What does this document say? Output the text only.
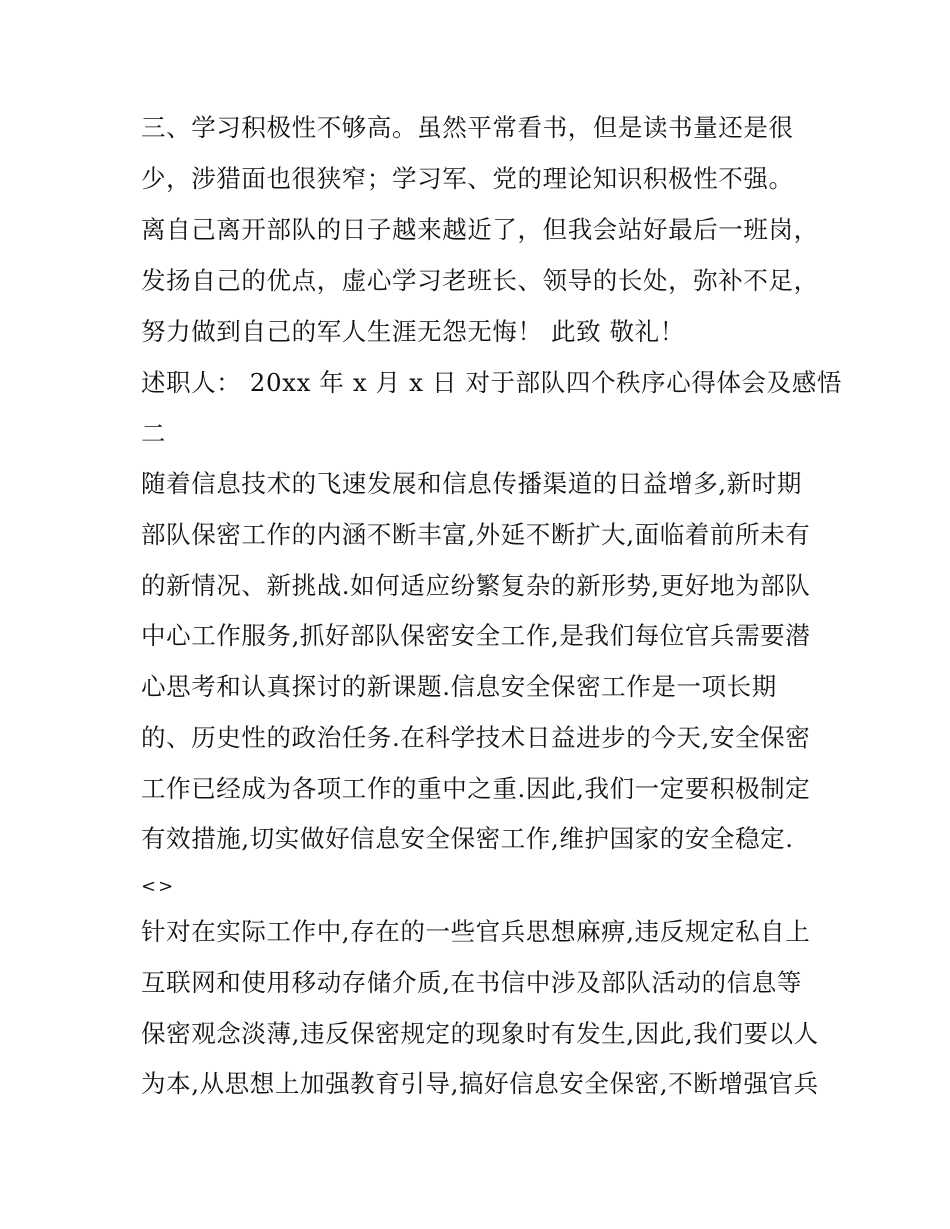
三、学习积极性不够高。虽然平常看书，但是读书量还是很
少，涉猎面也很狭窄；学习军、党的理论知识积极性不强。
离自己离开部队的日子越来越近了，但我会站好最后一班岗，
发扬自己的优点，虚心学习老班长、领导的长处，弥补不足，
努力做到自己的军人生涯无怨无悔！ 此致 敬礼！
述职人： 20xx 年 x 月 x 日 对于部队四个秩序心得体会及感悟
二
随着信息技术的飞速发展和信息传播渠道的日益增多,新时期
部队保密工作的内涵不断丰富,外延不断扩大,面临着前所未有
的新情况、新挑战.如何适应纷繁复杂的新形势,更好地为部队
中心工作服务,抓好部队保密安全工作,是我们每位官兵需要潜
心思考和认真探讨的新课题.信息安全保密工作是一项长期
的、历史性的政治任务.在科学技术日益进步的今天,安全保密
工作已经成为各项工作的重中之重.因此,我们一定要积极制定
有效措施,切实做好信息安全保密工作,维护国家的安全稳定.
<>
针对在实际工作中,存在的一些官兵思想麻痹,违反规定私自上
互联网和使用移动存储介质,在书信中涉及部队活动的信息等
保密观念淡薄,违反保密规定的现象时有发生,因此,我们要以人
为本,从思想上加强教育引导,搞好信息安全保密,不断增强官兵
